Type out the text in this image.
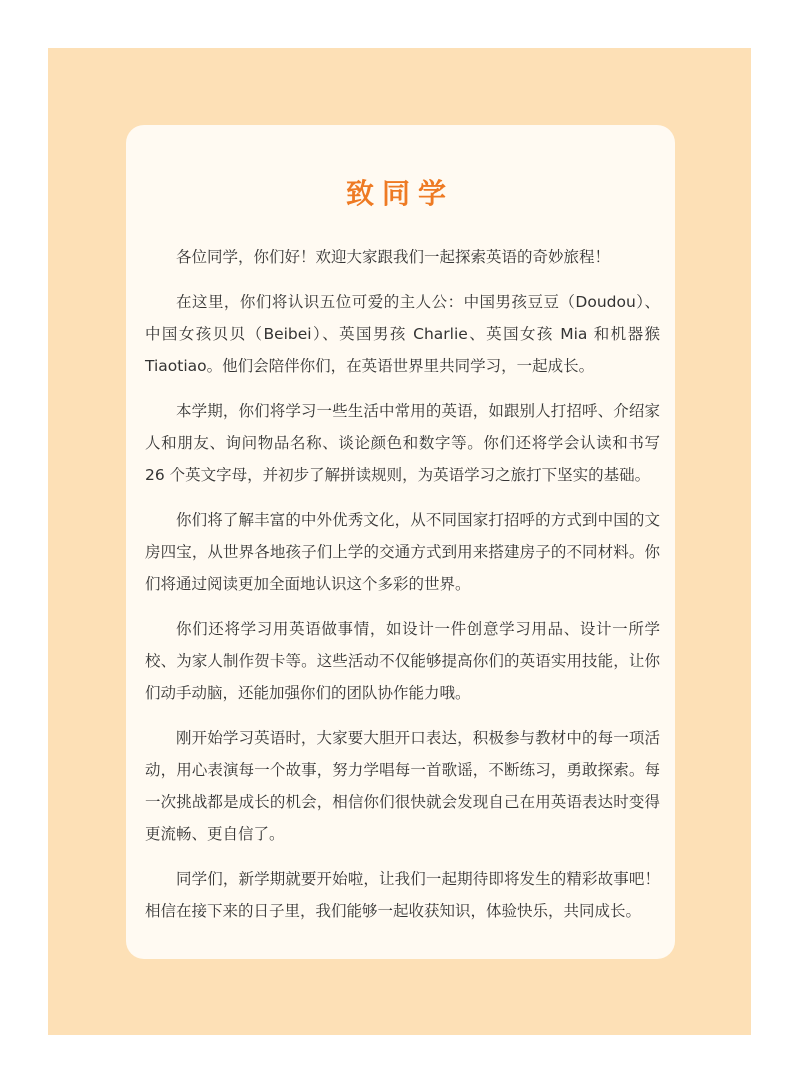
致同学

各位同学，你们好！欢迎大家跟我们一起探索英语的奇妙旅程！

在这里，你们将认识五位可爱的主人公：中国男孩豆豆（Doudou）、中国女孩贝贝（Beibei）、英国男孩 Charlie、英国女孩 Mia 和机器猴 Tiaotiao。他们会陪伴你们，在英语世界里共同学习，一起成长。

本学期，你们将学习一些生活中常用的英语，如跟别人打招呼、介绍家人和朋友、询问物品名称、谈论颜色和数字等。你们还将学会认读和书写 26 个英文字母，并初步了解拼读规则，为英语学习之旅打下坚实的基础。

你们将了解丰富的中外优秀文化，从不同国家打招呼的方式到中国的文房四宝，从世界各地孩子们上学的交通方式到用来搭建房子的不同材料。你们将通过阅读更加全面地认识这个多彩的世界。

你们还将学习用英语做事情，如设计一件创意学习用品、设计一所学校、为家人制作贺卡等。这些活动不仅能够提高你们的英语实用技能，让你们动手动脑，还能加强你们的团队协作能力哦。

刚开始学习英语时，大家要大胆开口表达，积极参与教材中的每一项活动，用心表演每一个故事，努力学唱每一首歌谣，不断练习，勇敢探索。每一次挑战都是成长的机会，相信你们很快就会发现自己在用英语表达时变得更流畅、更自信了。

同学们，新学期就要开始啦，让我们一起期待即将发生的精彩故事吧！相信在接下来的日子里，我们能够一起收获知识，体验快乐，共同成长。
